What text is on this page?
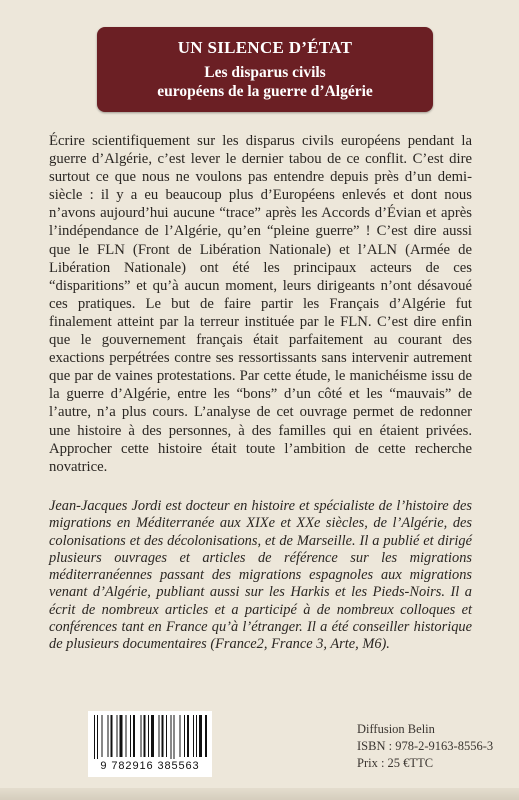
UN SILENCE D’ÉTAT
Les disparus civils
européens de la guerre d’Algérie

Écrire scientifiquement sur les disparus civils européens pendant la guerre d’Algérie, c’est lever le dernier tabou de ce conflit. C’est dire surtout ce que nous ne voulons pas entendre depuis près d’un demi-siècle : il y a eu beaucoup plus d’Européens enlevés et dont nous n’avons aujourd’hui aucune “trace” après les Accords d’Évian et après l’indépendance de l’Algérie, qu’en “pleine guerre” ! C’est dire aussi que le FLN (Front de Libération Nationale) et l’ALN (Armée de Libération Nationale) ont été les principaux acteurs de ces “disparitions” et qu’à aucun moment, leurs dirigeants n’ont désavoué ces pratiques. Le but de faire partir les Français d’Algérie fut finalement atteint par la terreur instituée par le FLN. C’est dire enfin que le gouvernement français était parfaitement au courant des exactions perpétrées contre ses ressortissants sans intervenir autrement que par de vaines protestations. Par cette étude, le manichéisme issu de la guerre d’Algérie, entre les “bons” d’un côté et les “mauvais” de l’autre, n’a plus cours. L’analyse de cet ouvrage permet de redonner une histoire à des personnes, à des familles qui en étaient privées. Approcher cette histoire était toute l’ambition de cette recherche novatrice.

Jean-Jacques Jordi est docteur en histoire et spécialiste de l’histoire des migrations en Méditerranée aux XIXe et XXe siècles, de l’Algérie, des colonisations et des décolonisations, et de Marseille. Il a publié et dirigé plusieurs ouvrages et articles de référence sur les migrations méditerranéennes passant des migrations espagnoles aux migrations venant d’Algérie, publiant aussi sur les Harkis et les Pieds-Noirs. Il a écrit de nombreux articles et a participé à de nombreux colloques et conférences tant en France qu’à l’étranger. Il a été conseiller historique de plusieurs documentaires (France2, France 3, Arte, M6).

9 782916 385563
Diffusion Belin
ISBN : 978-2-9163-8556-3
Prix : 25 €TTC
